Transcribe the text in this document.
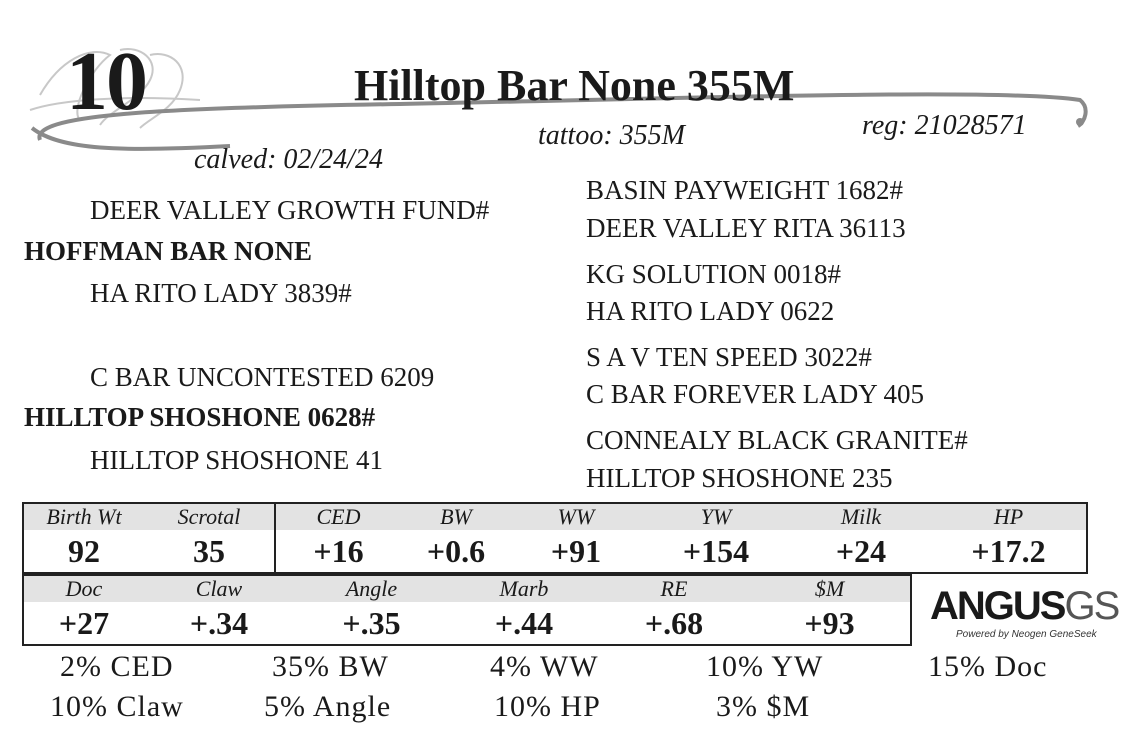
10	Hilltop Bar None 355M
tattoo: 355M	reg: 21028571
calved: 02/24/24
DEER VALLEY GROWTH FUND#
HOFFMAN BAR NONE
HA RITO LADY 3839#
C BAR UNCONTESTED 6209
HILLTOP SHOSHONE 0628#
HILLTOP SHOSHONE 41
BASIN PAYWEIGHT 1682#
DEER VALLEY RITA 36113
KG SOLUTION 0018#
HA RITO LADY 0622
S A V TEN SPEED 3022#
C BAR FOREVER LADY 405
CONNEALY BLACK GRANITE#
HILLTOP SHOSHONE 235
Birth Wt	Scrotal	CED	BW	WW	YW	Milk	HP
92	35	+16	+0.6	+91	+154	+24	+17.2
Doc	Claw	Angle	Marb	RE	$M
+27	+.34	+.35	+.44	+.68	+93 ANGUSGS
Powered by Neogen GeneSeek
2% CED	35% BW	4% WW	10% YW	15% Doc
10% Claw	5% Angle	10% HP	3% $M
